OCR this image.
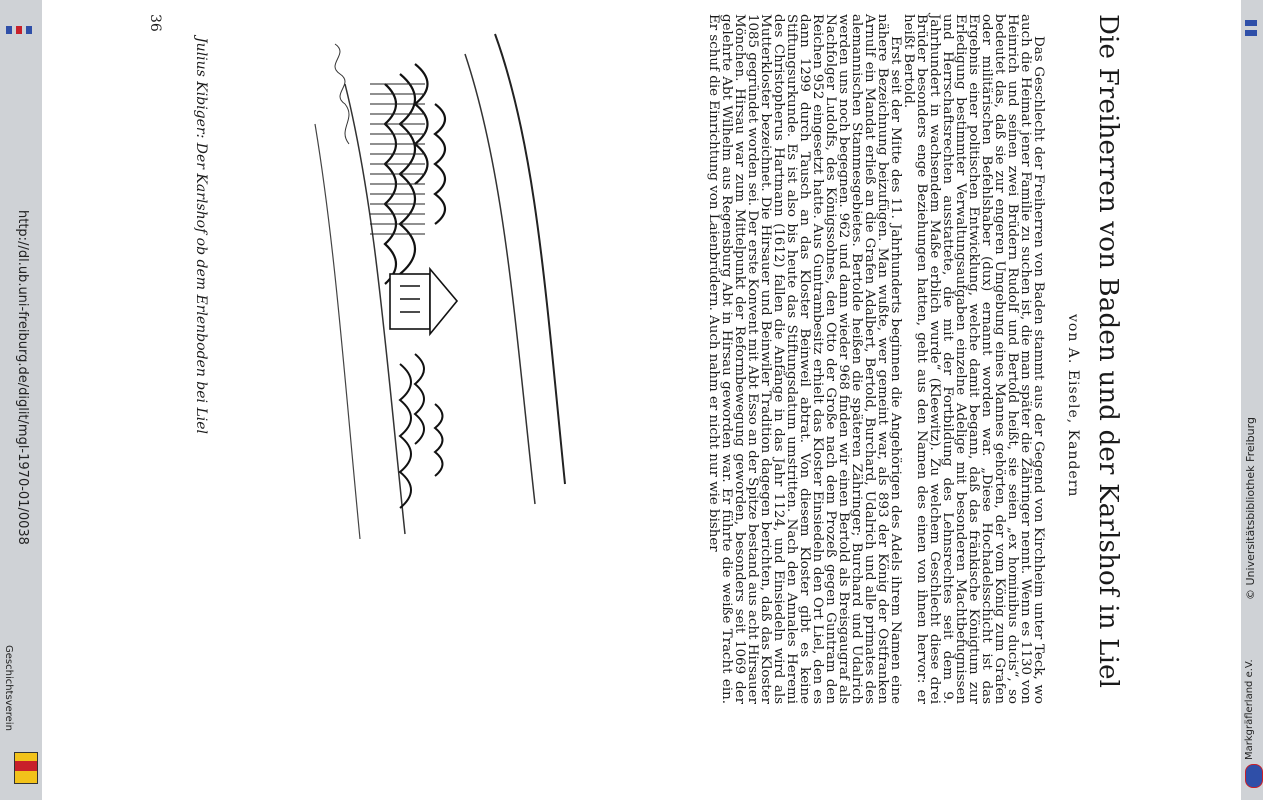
http://dl.ub.uni-freiburg.de/diglit/mgl-1970-01/0038
Geschichtsverein
© Universitätsbibliothek Freiburg
Markgräflerland e.V.
Die Freiherren von Baden und der Karlshof in Liel
von A. Eisele, Kandern

Das Geschlecht der Freiherren von Baden stammt aus der Gegend von Kirchheim unter Teck, wo auch die Heimat jener Familie zu suchen ist, die man später die Zähringer nennt. Wenn es 1130 von Heinrich und seinen zwei Brüdern Rudolf und Bertold heißt, sie seien „ex hominibus ducis“, so bedeutet das, daß sie zur engeren Umgebung eines Mannes gehörten, der vom König zum Grafen oder militärischen Befehlshaber (dux) ernannt worden war. „Diese Hochadelsschicht ist das Ergebnis einer politischen Entwicklung, welche damit begann, daß das fränkische Königtum zur Erledigung bestimmter Verwaltungsaufgaben einzelne Adelige mit besonderen Machtbefugnissen und Herrschaftsrechten ausstattete, die mit der Fortbildung des Lehnsrechtes seit dem 9. Jahrhundert in wachsendem Maße erblich wurde“ (Kleewitz). Zu welchem Geschlecht diese drei Brüder besonders enge Beziehungen hatten, geht aus den Namen des einen von ihnen hervor: er heißt Bertold.

Erst seit der Mitte des 11. Jahrhunderts beginnen die Angehörigen des Adels ihrem Namen eine nähere Bezeichnung beizufügen. Man wußte, wer gemeint war, als 893 der König der Ostfranken Arnulf ein Mandat erließ an die Grafen Adalbert, Bertold, Burchard, Udalrich und alle primates des alemannischen Stammesgebietes. Bertolde heißen die späteren Zähringer; Burchard und Udalrich werden uns noch begegnen. 962 und dann wieder 968 finden wir einen Bertold als Breisgaugraf als Nachfolger Ludolfs, des Königssohnes, den Otto der Große nach dem Prozeß gegen Guntram den Reichen 952 eingesetzt hatte. Aus Guntrambesitz erhielt das Kloster Einsiedeln den Ort Liel, den es dann 1299 durch Tausch an das Kloster Beinweil abtrat. Von diesem Kloster gibt es keine Stiftungsurkunde. Es ist also bis heute das Stiftungsdatum umstritten. Nach den Annales Heremi des Christopherus Hartmann (1612) fallen die Anfänge in das Jahr 1124, und Einsiedeln wird als Mutterkloster bezeichnet. Die Hirsauer und Beinwiler Tradition dagegen berichten, daß das Kloster 1085 gegründet worden sei. Der erste Konvent mit Abt Esso an der Spitze bestand aus acht Hirsauer Mönchen. Hirsau war zum Mittelpunkt der Reformbewegung geworden, besonders seit 1069 der gelehrte Abt Wilhelm aus Regensburg Abt in Hirsau geworden war. Er führte die weiße Tracht ein. Er schuf die Einrichtung von Laienbrüdern. Auch nahm er nicht nur wie bisher

Julius Kibiger: Der Karlshof ob dem Erlenboden bei Liel
36
